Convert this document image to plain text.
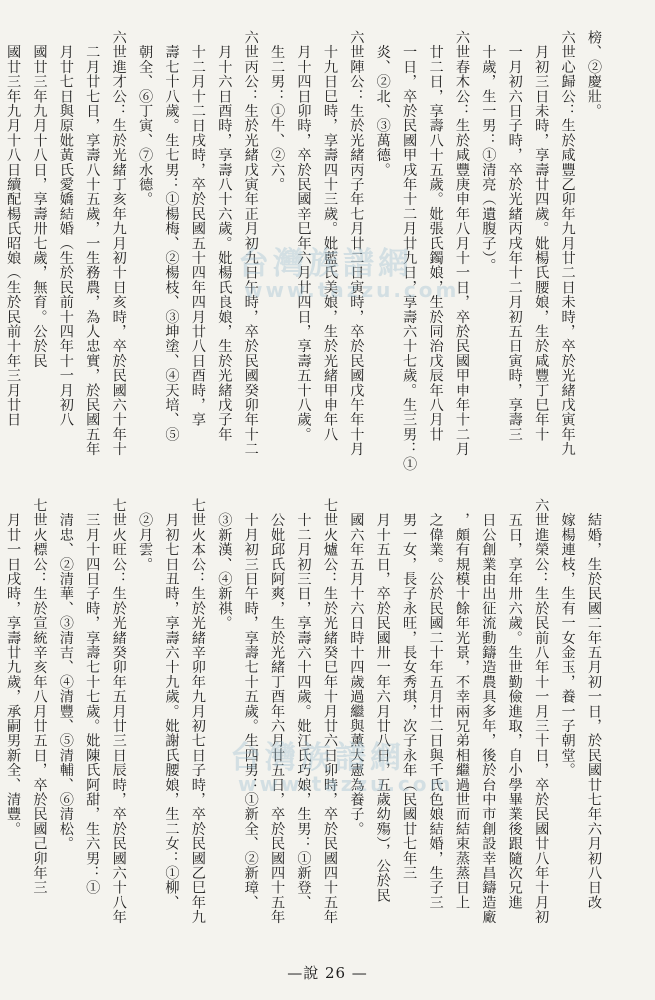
榜、②慶壯。
六世心歸公：生於咸豐乙卯年九月廿二日未時，卒於光緒戊寅年九
　月初三日未時，享壽廿四歲。妣楊氏腰娘，生於咸豐丁巳年十
　一月初六日子時，卒於光緒丙戌年十二月初五日寅時，享壽三
　十歲，生一男：①清亮（遺腹子）。
六世春木公：生於咸豐庚申年八月十一日，卒於民國甲申年十二月
　廿二日，享壽八十五歲。妣張氏鐲娘，生於同治戊辰年八月廿
　一日，卒於民國甲戌年十二月廿九日，享壽六十七歲。生三男：①
　炎、②北、③萬德。
六世陣公：生於光緒丙子年七月廿二日寅時，卒於民國戊午年十月
　十九日巳時，享壽四十三歲。妣藍氏美娘，生於光緒甲申年八
　月十四日卯時，卒於民國辛巳年六月廿四日，享壽五十八歲。
　生二男：①牛、②六。
六世丙公：生於光緒戊寅年正月初九日午時，卒於民國癸卯年十二
　月十六日酉時，享壽八十六歲。妣楊氏良娘，生於光緒戊子年
　十二月十二日戌時，卒於民國五十四年四月廿八日酉時，享
　壽七十八歲。生七男：①楊梅、②楊枝、③坤塗、④天培、⑤
　朝全、⑥丁寅、⑦水德。
六世進才公：生於光緒丁亥年九月初十日亥時，卒於民國六十年十
　二月廿七日，享壽八十五歲，一生務農，為人忠實，於民國五年
　月廿七日與原妣黃氏愛嬌結婚（生於民前十四年十一月初八
　國廿三年九月十八日，享壽卅七歲，無育。公於民
　國廿三年九月十八日續配楊氏昭娘（生於民前十年三月廿日
　結婚，生於民國二年五月初一日，於民國廿七年六月初八日改
　嫁楊連枝，生有一女金玉，養一子朝堂。
六世進榮公：生於民前八年十一月三十日，卒於民國廿八年十月初
　五日，享年卅六歲。生世勤儉進取，自小學畢業後跟隨次兄進
　日公創業由出征流動鑄造農具多年，後於台中市創設幸昌鑄造廠
　，頗有規模十餘年光景，不幸兩兄弟相繼過世而結束蒸蒸日上
　之偉業。公於民國二十年五月廿二日與千氏色娘結婚，生子三
　男一女，長子永旺，長女秀琪，次子永年（民國廿七年三
　月十五日，卒於民國卅一年六月廿八日，五歲幼殤），公於民
　國六年五月十六日時十四歲過繼與薰大憲為養子。
七世火爐公：生於光緒癸巳年十月廿六日卯時，卒於民國四十五年
　十二月初三日，享壽六十四歲。妣江氏巧娘，生男：①新登、
　公妣邱氏阿爽，生於光緒丁酉年六月廿五日，卒於民國四十五年
　十月初三日午時，享壽七十五歲。生四男：①新全、②新璋、
　③新漢、④新祺。
七世火本公：生於光緒辛卯年九月初七日子時，卒於民國乙巳年九
　月初七日丑時，享壽六十九歲。妣謝氏腰娘，生二女：①柳、
　②月雲。
七世火旺公：生於光緒癸卯年五月廿三日辰時，卒於民國六十八年
　三月十四日子時，享壽七十七歲。妣陳氏阿甜，生六男：①
　清忠、②清華、③清吉、④清豐、⑤清輔、⑥清松。
七世火標公：生於宣統辛亥年八月廿五日，卒於民國己卯年三
　月廿一日戌時，享壽廿九歲，承嗣男新全、清豐。
台灣族譜網
www.tazzu.com
台灣族譜網
www.tazzu.com
—說 26 —
